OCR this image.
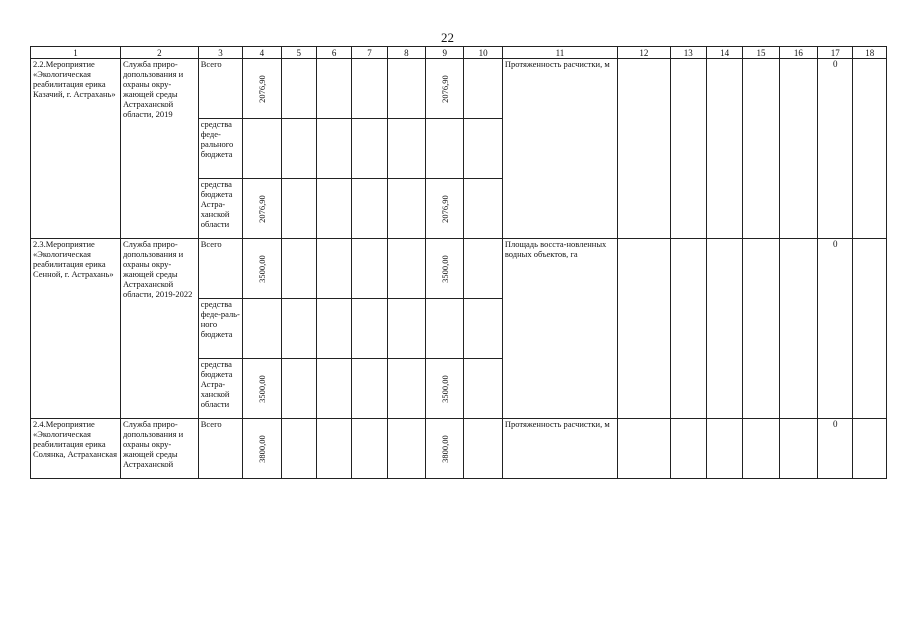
22
1	2	3	4	5	6	7	8	9	10	11	12	13	14	15	16	17	18
2.2.Мероприятие «Экологическая реабилитация ерика Казачий, г. Астрахань»	Служба приро-допользования и охраны окру-жающей среды Астраханской области, 2019	Всего	2076,90					2076,90		Протяженность расчистки, м						0	
		средства феде-рального бюджета															
		средства бюджета Астра-ханской области	2076,90					2076,90									
2.3.Мероприятие «Экологическая реабилитация ерика Сенной, г. Астрахань»	Служба приро-допользования и охраны окру-жающей среды Астраханской области, 2019-2022	Всего	3500,00					3500,00		Площадь восста-новленных водных объектов, га						0	
		средства феде-раль-ного бюджета															
		средства бюджета Астра-ханской области	3500,00					3500,00									
2.4.Мероприятие «Экологическая реабилитация ерика Солянка, Астраханская	Служба приро-допользования и охраны окру-жающей среды Астраханской	Всего	3800,00					3800,00		Протяженность расчистки, м						0	
